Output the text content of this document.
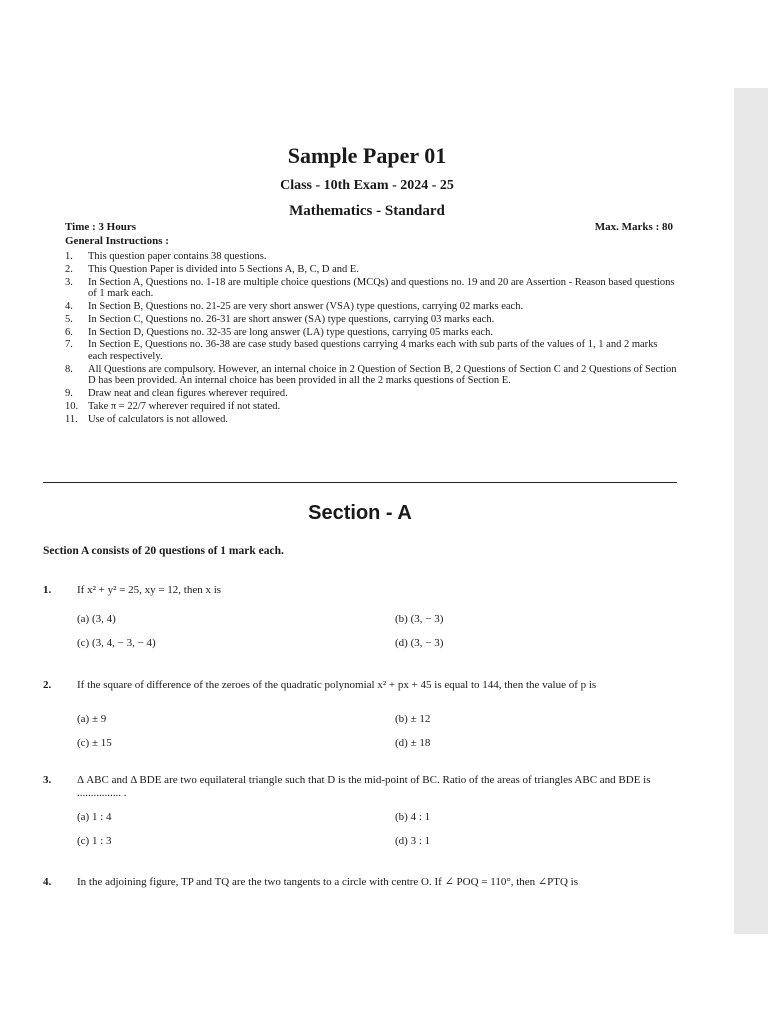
Sample Paper 01
Class - 10th Exam - 2024 - 25
Mathematics - Standard
Time : 3 Hours	Max. Marks : 80
General Instructions :
1.	This question paper contains 38 questions.
2.	This Question Paper is divided into 5 Sections A, B, C, D and E.
3.	In Section A, Questions no. 1-18 are multiple choice questions (MCQs) and questions no. 19 and 20 are Assertion - Reason based questions of 1 mark each.
4.	In Section B, Questions no. 21-25 are very short answer (VSA) type questions, carrying 02 marks each.
5.	In Section C, Questions no. 26-31 are short answer (SA) type questions, carrying 03 marks each.
6.	In Section D, Questions no. 32-35 are long answer (LA) type questions, carrying 05 marks each.
7.	In Section E, Questions no. 36-38 are case study based questions carrying 4 marks each with sub parts of the values of 1, 1 and 2 marks each respectively.
8.	All Questions are compulsory. However, an internal choice in 2 Question of Section B, 2 Questions of Section C and 2 Questions of Section D has been provided. An internal choice has been provided in all the 2 marks questions of Section E.
9.	Draw neat and clean figures wherever required.
10. Take π = 22/7 wherever required if not stated.
11. Use of calculators is not allowed.
Section - A
Section A consists of 20 questions of 1 mark each.
1. If x² + y² = 25, xy = 12, then x is
(a) (3, 4)	(b) (3, − 3)
(c) (3, 4, − 3, − 4)	(d) (3, − 3)
2. If the square of difference of the zeroes of the quadratic polynomial x² + px + 45 is equal to 144, then the value of p is
(a) ± 9	(b) ± 12
(c) ± 15	(d) ± 18
3. Δ ABC and Δ BDE are two equilateral triangle such that D is the mid-point of BC. Ratio of the areas of triangles ABC and BDE is ................ .
(a) 1 : 4	(b) 4 : 1
(c) 1 : 3	(d) 3 : 1
4. In the adjoining figure, TP and TQ are the two tangents to a circle with centre O. If ∠ POQ = 110°, then ∠PTQ is
